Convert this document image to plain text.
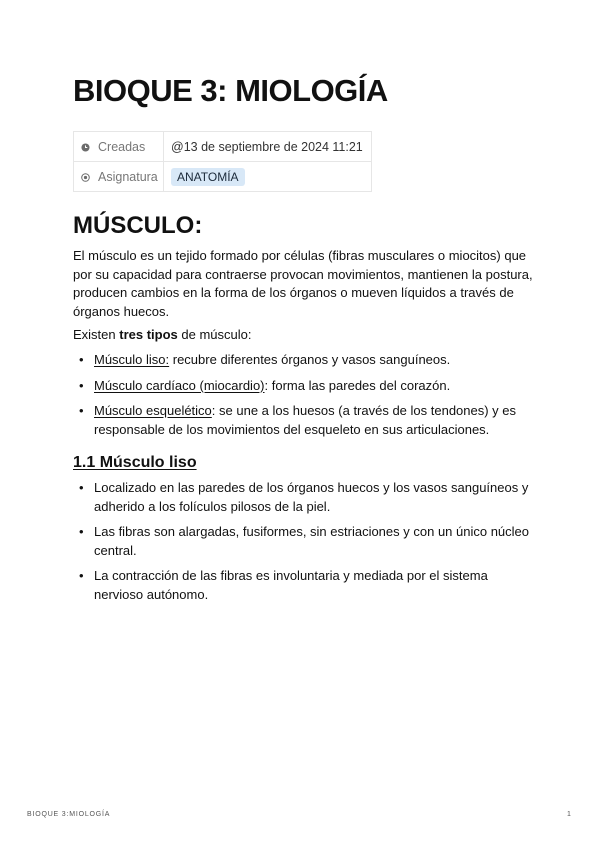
BIOQUE 3: MIOLOGÍA
Creadas	@13 de septiembre de 2024 11:21
Asignatura	ANATOMÍA
MÚSCULO:

El músculo es un tejido formado por células (fibras musculares o miocitos) que por su capacidad para contraerse provocan movimientos, mantienen la postura, producen cambios en la forma de los órganos o mueven líquidos a través de órganos huecos.

Existen tres tipos de músculo:

• Músculo liso: recubre diferentes órganos y vasos sanguíneos.
• Músculo cardíaco (miocardio): forma las paredes del corazón.
• Músculo esquelético: se une a los huesos (a través de los tendones) y es responsable de los movimientos del esqueleto en sus articulaciones.
1.1 Músculo liso
• Localizado en las paredes de los órganos huecos y los vasos sanguíneos y adherido a los folículos pilosos de la piel.
• Las fibras son alargadas, fusiformes, sin estriaciones y con un único núcleo central.
• La contracción de las fibras es involuntaria y mediada por el sistema nervioso autónomo.
BIOQUE 3:MIOLOGÍA	1
